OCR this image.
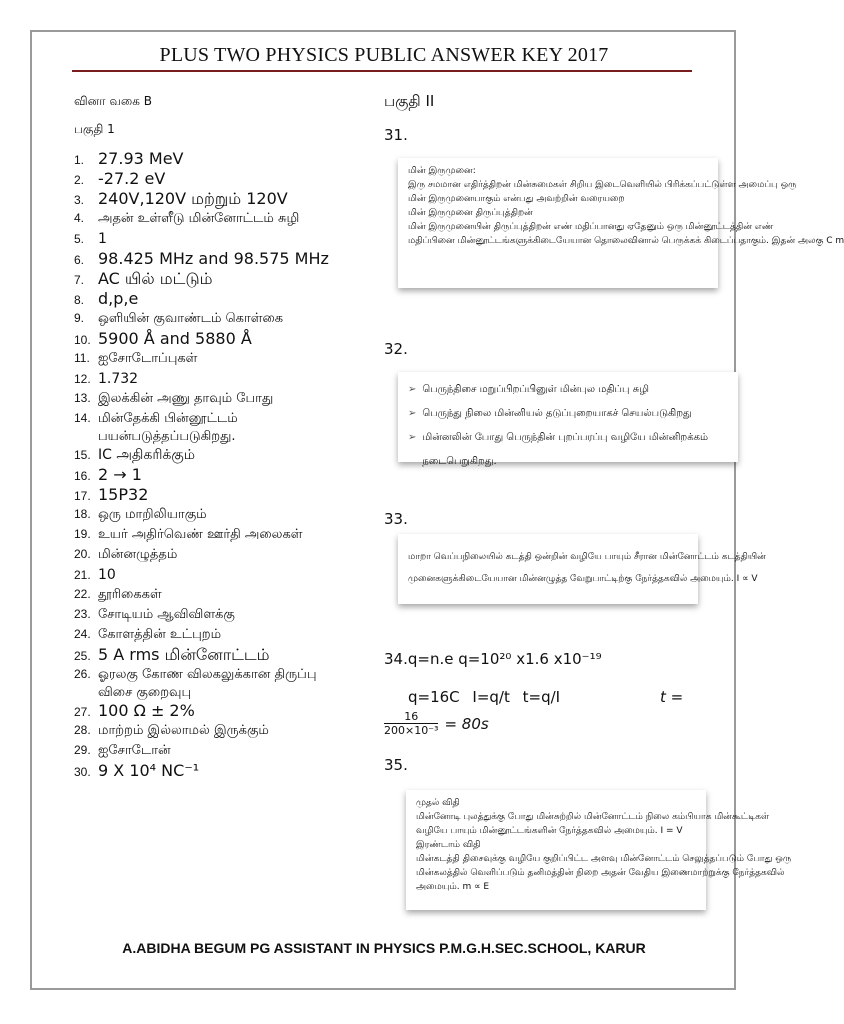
PLUS TWO PHYSICS PUBLIC ANSWER KEY 2017
வினா வகை B
பகுதி 1
1. 27.93 MeV
2. -27.2 eV
3. 240V,120V மற்றும் 120V
4.	அதன் உள்ளீடு மின்னோட்டம் சுழி
5. 1
6. 98.425 MHz and 98.575 MHz
7. AC யில் மட்டும்
8. d,p,e
9.	ஒளியின் குவாண்டம் கொள்கை
10. 5900 Å and 5880 Å
11. ஐசோடோப்புகள்
12. 1.732
13. இலக்கின் அணு தாவும் போது
14. மின்தேக்கி பின்னூட்டம் பயன்படுத்தப்படுகிறது.
15. IC அதிகரிக்கும்
16. 2 → 1
17. 15P32
18. ஒரு மாறிலியாகும்
19. உயர் அதிர்வெண் ஊர்தி அலைகள்
20. மின்னழுத்தம்
21. 10
22. தூரிகைகள்
23. சோடியம் ஆவிவிளக்கு
24. கோளத்தின் உட்புறம்
25. 5 A rms மின்னோட்டம்
26. ஓரலகு கோண விலகலுக்கான திருப்பு விசை குறைவுபு
27. 100 Ω ± 2%
28. மாற்றம் இல்லாமல் இருக்கும்
29. ஐசோடோன்
30. 9 X 10⁴ NC⁻¹
பகுதி II
31.
மின் இருமுனை:
இரு சமமான எதிர்த்திறன் மின்சுமைகள் சிறிய இடைவெளியில் பிரிக்கப்பட்டுள்ள அமைப்பு ஒரு
மின் இருமுனையாகும் என்பது அவற்றின் வரையறை
மின் இருமுனை திருப்புத்திறன்
மின் இருமுனையின் திருப்புத்திறன் எண் மதிப்பானது ஏதேனும் ஒரு மின்னூட்டத்தின் எண்
மதிப்பினை மின்னூட்டங்களுக்கிடையேயான தொலைவினால் பெருக்கக் கிடைப்பதாகும். இதன் அலகு C m
32.
➢ பெருந்திசை மறுப்பிறப்பினுள் மின்புல மதிப்பு சுழி
➢ பெருந்து நிலை மின்னியல் தடுப்புறையாகச் செயல்படுகிறது
➢ மின்னலின் போது பெருந்தின் புறப்பரப்பு வழியே மின்னிறக்கம் நடைபெறுகிறது.
33.
மாறா வெப்பநிலையில் கடத்தி ஒன்றின் வழியே பாயும் சீரான மின்னோட்டம் கடத்தியின்
முனைகளுக்கிடையேயான மின்னழுத்த வேறுபாட்டிற்கு நேர்த்தகவில் அமையும். I ∝ V
34.q=n.e q=10²⁰ x1.6 x10⁻¹⁹
q=16C I=q/t t=q/I	t =
$\frac{16}{\text{200×10⁻³}} = 80s$
35.
முதல் விதி
மின்னோடி புலத்துக்கு போது மின்சுற்றில் மின்னோட்டம் நிலை கம்பியாக மின்கூட்டிகள்
வழியே பாயும் மின்னூட்டங்களின் நேர்த்தகவில் அமையும். I = V
இரண்டாம் விதி
மின்கடத்தி திசைவுக்கு வழியே குறிப்பிட்ட அளவு மின்னோட்டம் செலுத்தப்படும் போது ஒரு
மின்கலத்தில் வெளிப்படும் தனிமத்தின் நிறை அதன் வேதிய இணைமாற்றுக்கு நேர்த்தகவில்
அமையும். m ∝ E
A.ABIDHA BEGUM PG ASSISTANT IN PHYSICS P.M.G.H.SEC.SCHOOL, KARUR
